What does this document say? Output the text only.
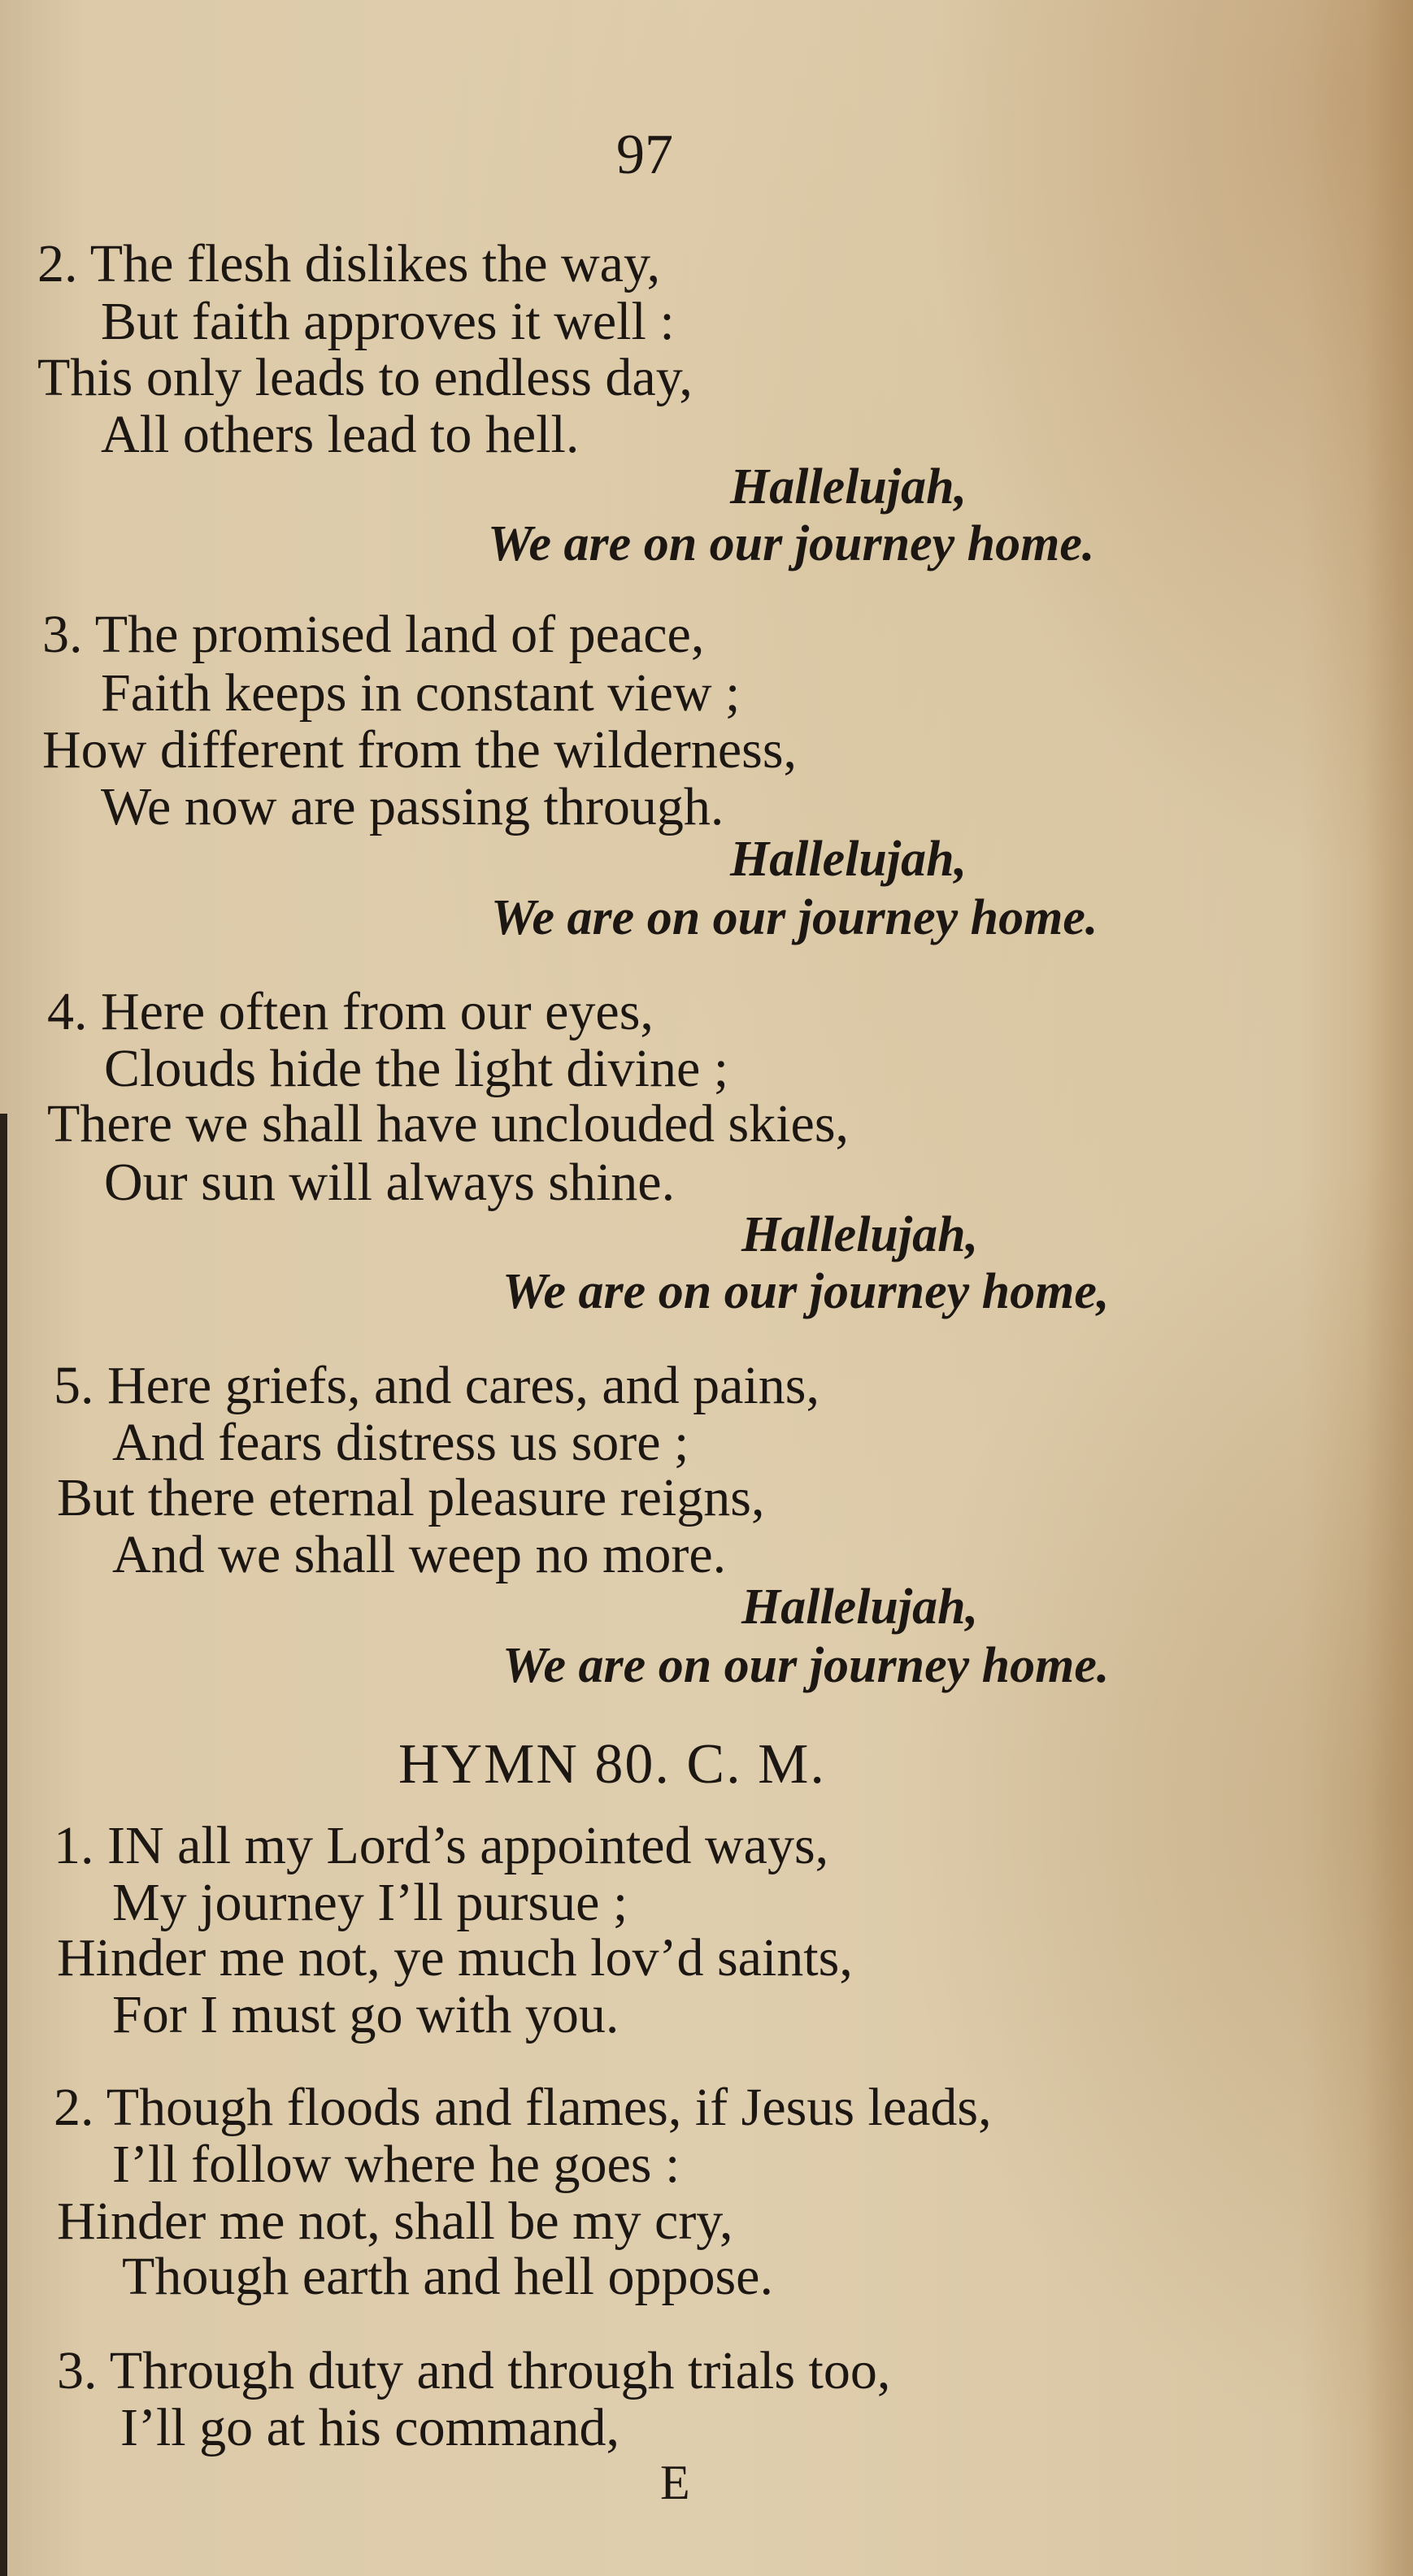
97
2. The flesh dislikes the way,
But faith approves it well :
This only leads to endless day,
All others lead to hell.
Hallelujah,
We are on our journey home.
3. The promised land of peace,
Faith keeps in constant view ;
How different from the wilderness,
We now are passing through.
Hallelujah,
We are on our journey home.
4. Here often from our eyes,
Clouds hide the light divine ;
There we shall have unclouded skies,
Our sun will always shine.
Hallelujah,
We are on our journey home,
5. Here griefs, and cares, and pains,
And fears distress us sore ;
But there eternal pleasure reigns,
And we shall weep no more.
Hallelujah,
We are on our journey home.
HYMN 80. C. M.
1. IN all my Lord’s appointed ways,
My journey I’ll pursue ;
Hinder me not, ye much lov’d saints,
For I must go with you.
2. Though floods and flames, if Jesus leads,
I’ll follow where he goes :
Hinder me not, shall be my cry,
Though earth and hell oppose.
3. Through duty and through trials too,
I’ll go at his command,
E
